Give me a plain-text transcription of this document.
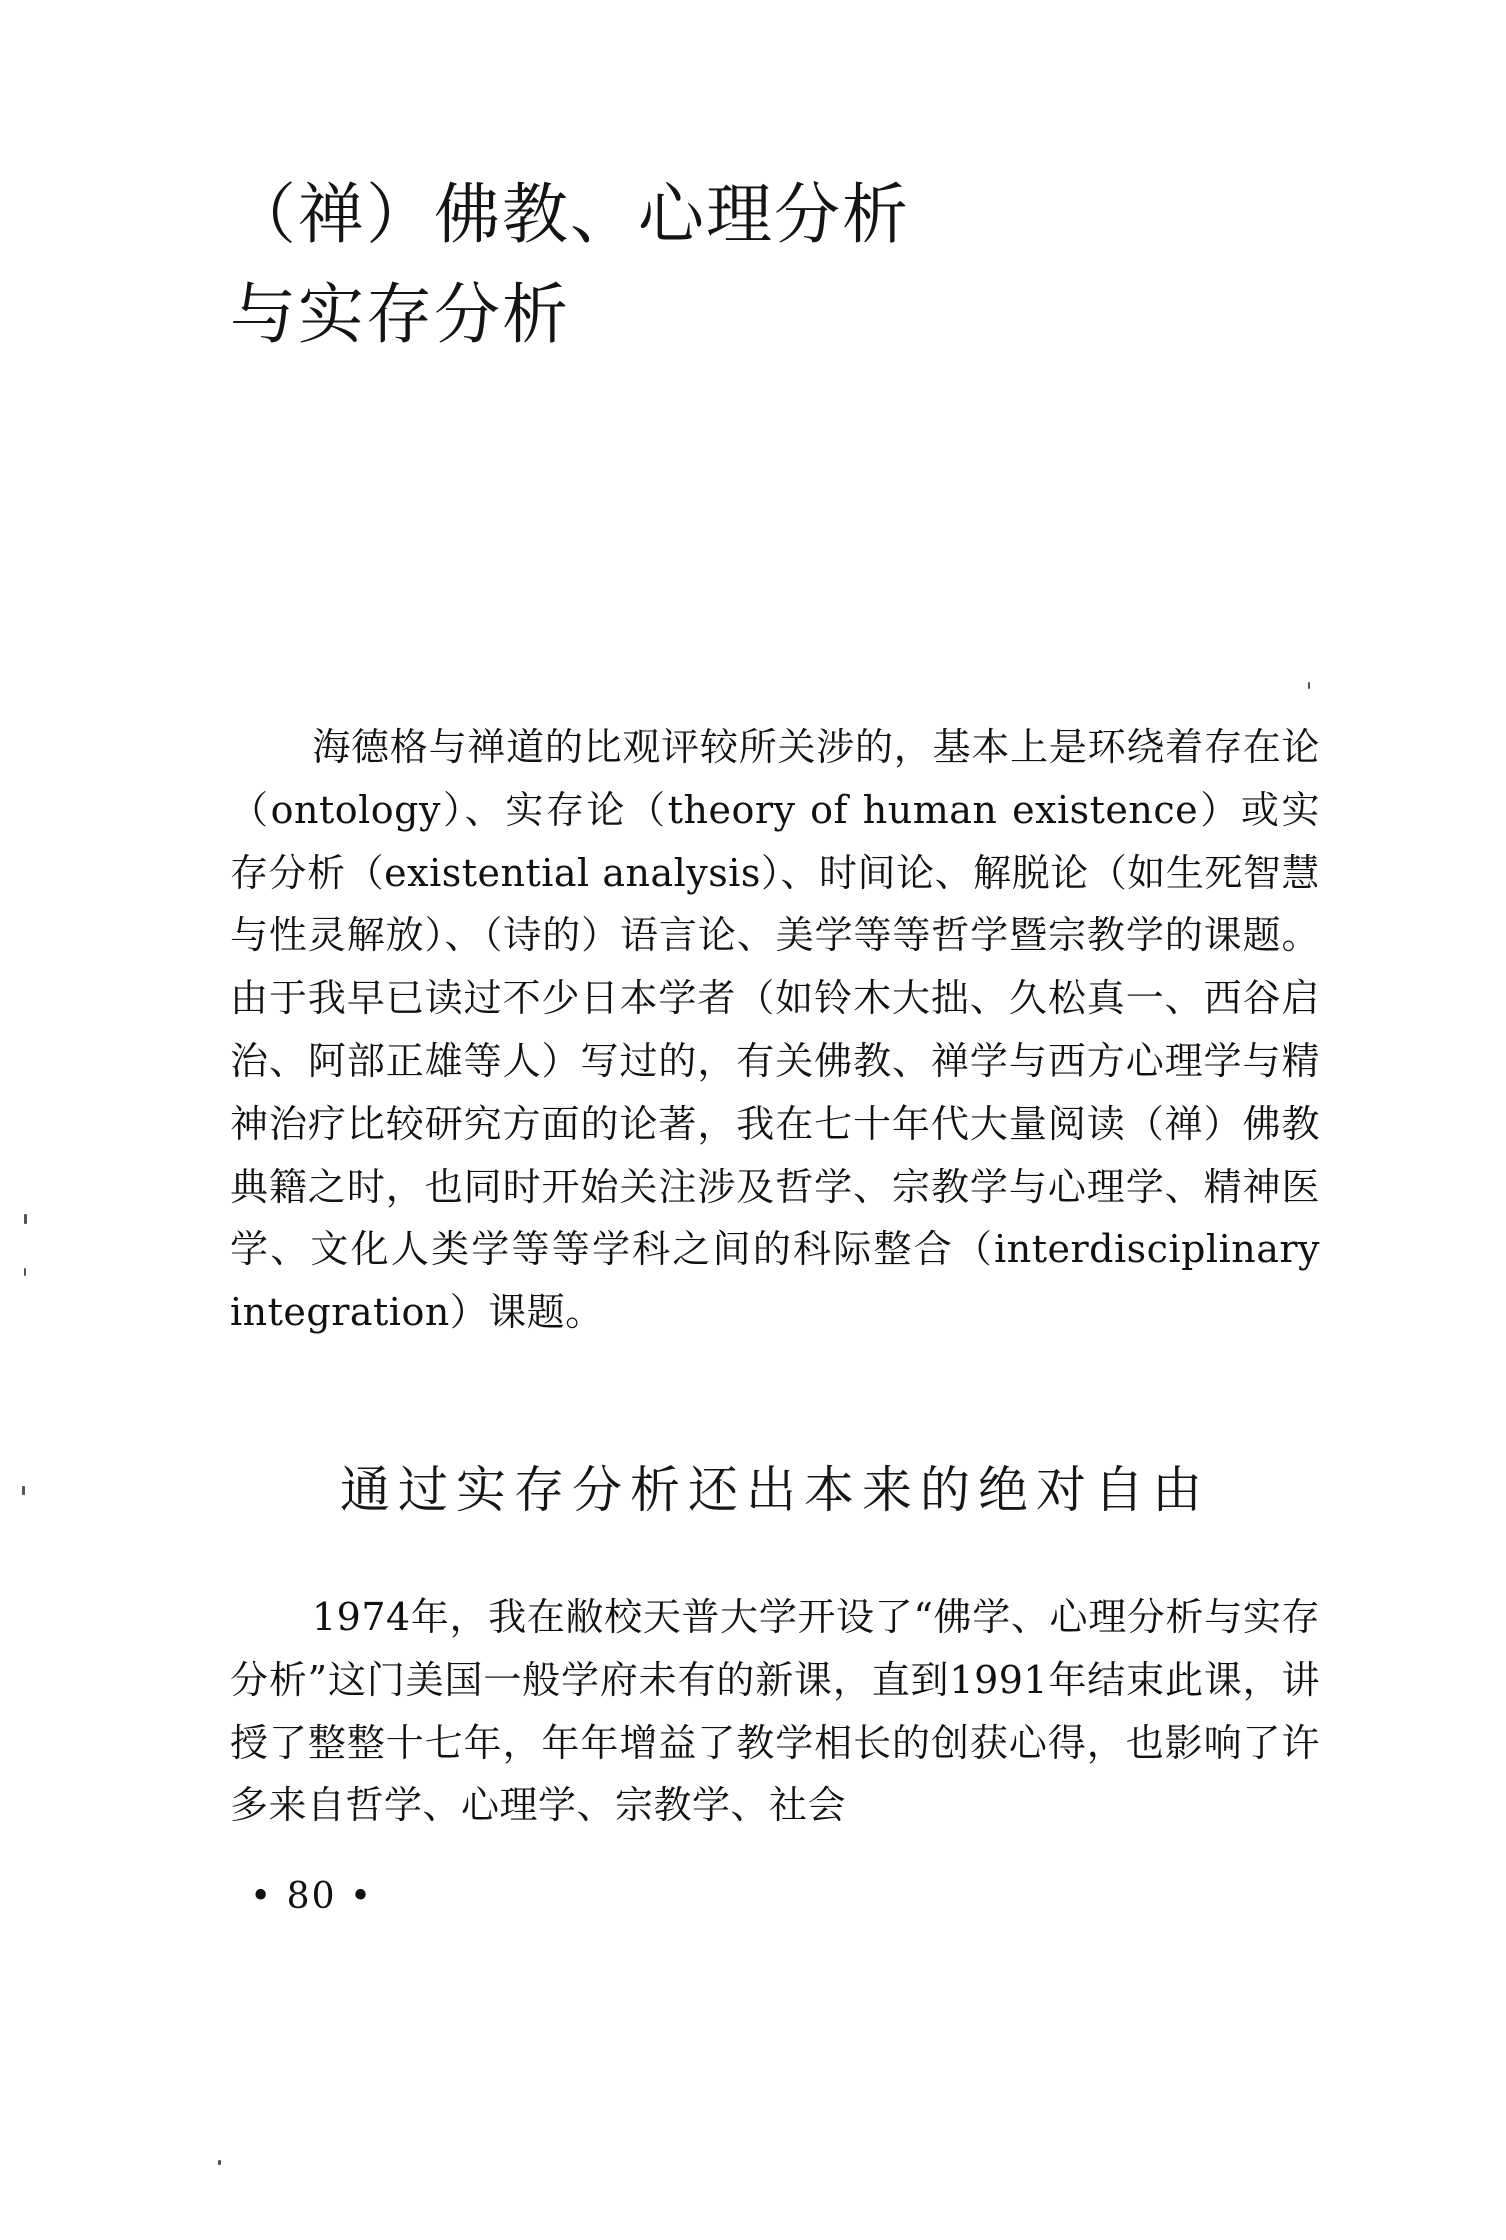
（禅）佛教、心理分析
与实存分析

海德格与禅道的比观评较所关涉的，基本上是环绕着存在论（ontology）、实存论（theory of human existence）或实存分析（existential analysis）、时间论、解脱论（如生死智慧与性灵解放）、（诗的）语言论、美学等等哲学暨宗教学的课题。由于我早已读过不少日本学者（如铃木大拙、久松真一、西谷启治、阿部正雄等人）写过的，有关佛教、禅学与西方心理学与精神治疗比较研究方面的论著，我在七十年代大量阅读（禅）佛教典籍之时，也同时开始关注涉及哲学、宗教学与心理学、精神医学、文化人类学等等学科之间的科际整合（interdisciplinary integration）课题。

通过实存分析还出本来的绝对自由

1974年，我在敝校天普大学开设了“佛学、心理分析与实存分析”这门美国一般学府未有的新课，直到1991年结束此课，讲授了整整十七年，年年增益了教学相长的创获心得，也影响了许多来自哲学、心理学、宗教学、社会

• 80 •
